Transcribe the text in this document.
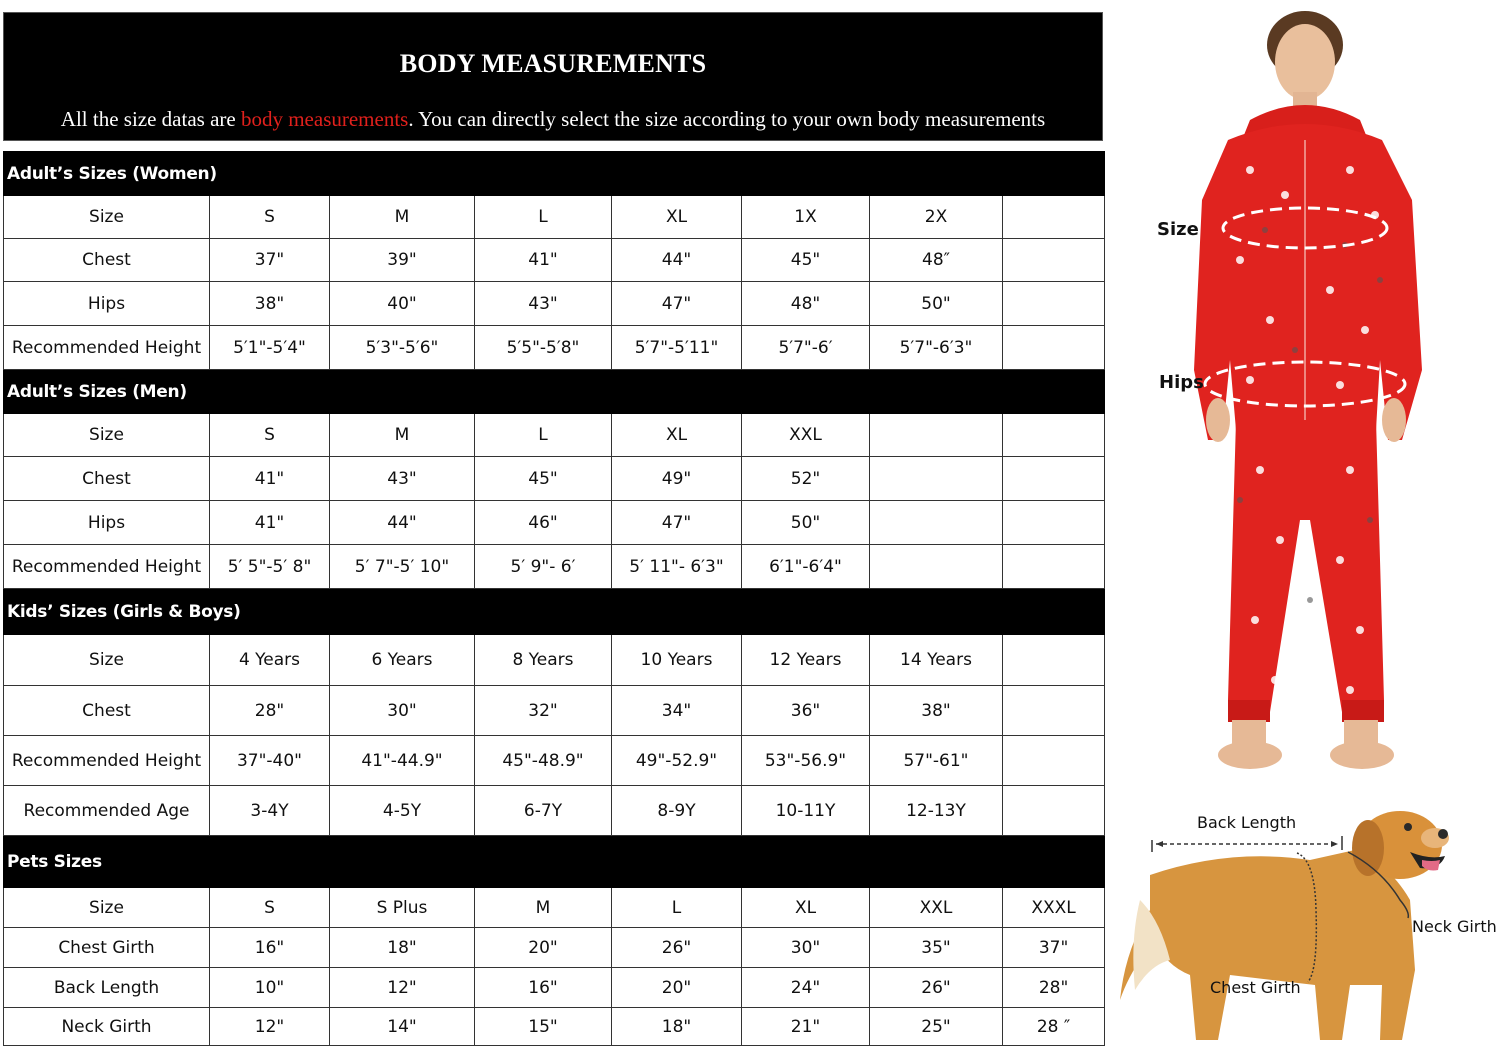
BODY MEASUREMENTS
All the size datas are body measurements. You can directly select the size according to your own body measurements
Adult’s Sizes (Women)							
Size	S	M	L	XL	1X	2X	
Chest	37"	39"	41"	44"	45"	48″	
Hips	38"	40"	43"	47"	48"	50"	
Recommended Height	5′1"-5′4"	5′3"-5′6"	5′5"-5′8"	5′7"-5′11"	5′7"-6′	5′7"-6′3"	
Adult’s Sizes (Men)							
Size	S	M	L	XL	XXL		
Chest	41"	43"	45"	49"	52"		
Hips	41"	44"	46"	47"	50"		
Recommended Height	5′ 5"-5′ 8"	5′ 7"-5′ 10"	5′ 9"- 6′	5′ 11"- 6′3"	6′1"-6′4"		
Kids’ Sizes (Girls & Boys)							
Size	4 Years	6 Years	8 Years	10 Years	12 Years	14 Years	
Chest	28"	30"	32"	34"	36"	38"	
Recommended Height	37"-40"	41"-44.9"	45"-48.9"	49"-52.9"	53"-56.9"	57"-61"	
Recommended Age	3-4Y	4-5Y	6-7Y	8-9Y	10-11Y	12-13Y	
Pets Sizes							
Size	S	S Plus	M	L	XL	XXL	XXXL
Chest Girth	16"	18"	20"	26"	30"	35"	37"
Back Length	10"	12"	16"	20"	24"	26"	28"
Neck Girth	12"	14"	15"	18"	21"	25"	28 ″
Size
Hips
Back Length
Neck Girth
Chest Girth
